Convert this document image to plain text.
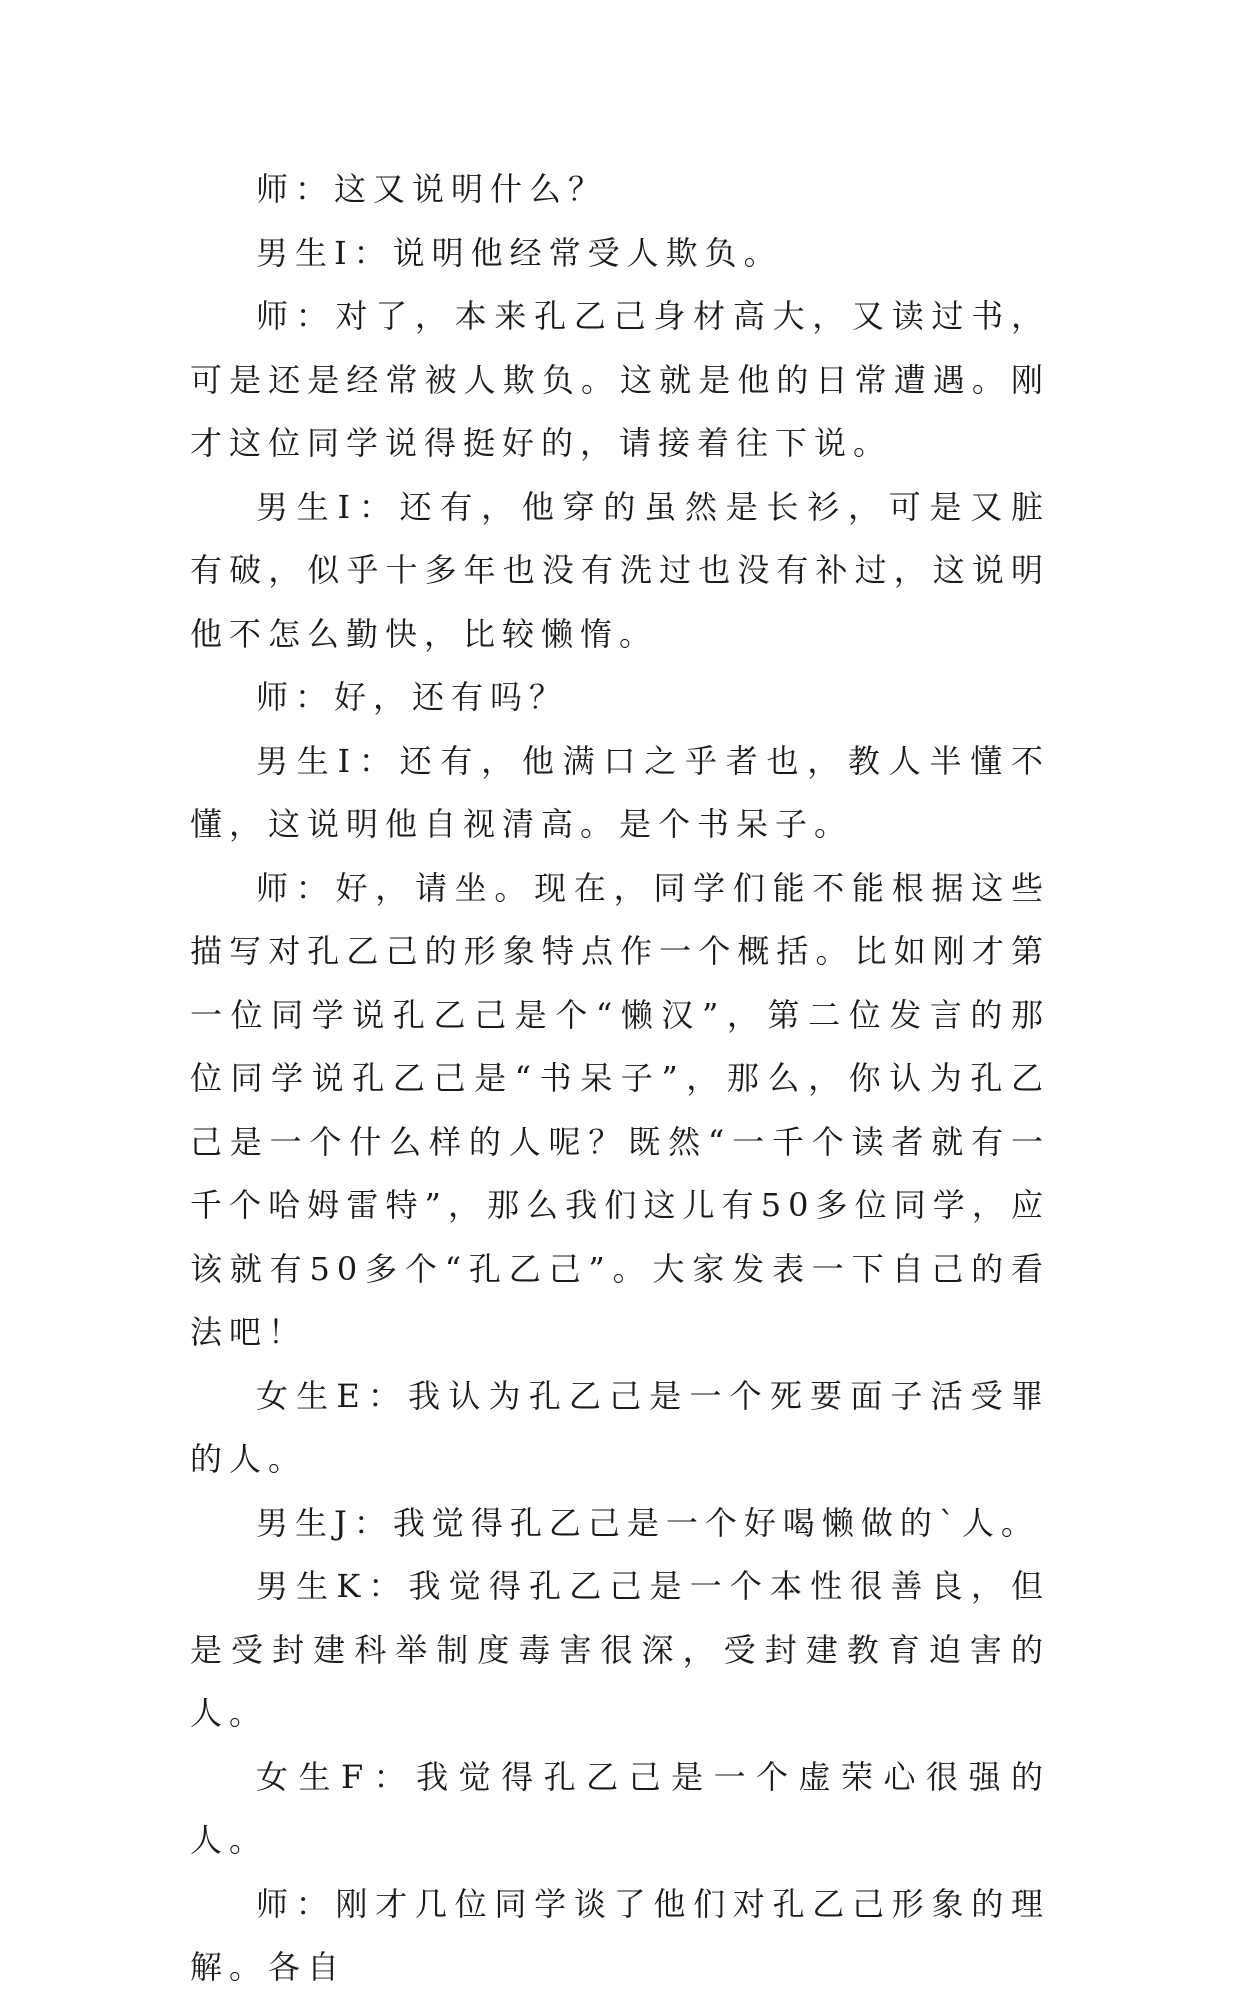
师：这又说明什么？

男生I：说明他经常受人欺负。

师：对了，本来孔乙己身材高大，又读过书，可是还是经常被人欺负。这就是他的日常遭遇。刚才这位同学说得挺好的，请接着往下说。

男生I：还有，他穿的虽然是长衫，可是又脏有破，似乎十多年也没有洗过也没有补过，这说明他不怎么勤快，比较懒惰。

师：好，还有吗？

男生I：还有，他满口之乎者也，教人半懂不懂，这说明他自视清高。是个书呆子。

师：好，请坐。现在，同学们能不能根据这些描写对孔乙己的形象特点作一个概括。比如刚才第一位同学说孔乙己是个“懒汉”，第二位发言的那位同学说孔乙己是“书呆子”，那么，你认为孔乙己是一个什么样的人呢？既然“一千个读者就有一千个哈姆雷特”，那么我们这儿有50多位同学，应该就有50多个“孔乙己”。大家发表一下自己的看法吧！

女生E：我认为孔乙己是一个死要面子活受罪的人。

男生J：我觉得孔乙己是一个好喝懒做的`人。

男生K：我觉得孔乙己是一个本性很善良，但是受封建科举制度毒害很深，受封建教育迫害的人。

女生F：我觉得孔乙己是一个虚荣心很强的人。

师：刚才几位同学谈了他们对孔乙己形象的理解。各自
